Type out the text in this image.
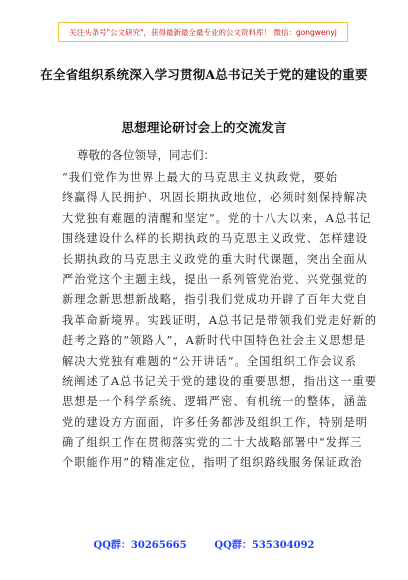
关注头条号"公文研究"，获得最新最全最专业的公文资料库！ 微信：gongwenyj
在全省组织系统深入学习贯彻A总书记关于党的建设的重要
思想理论研讨会上的交流发言
尊敬的各位领导，同志们：
“我们党作为世界上最大的马克思主义执政党，要始
终赢得人民拥护、巩固长期执政地位，必须时刻保持解决
大党独有难题的清醒和坚定”。党的十八大以来，A总书记
围绕建设什么样的长期执政的马克思主义政党、怎样建设
长期执政的马克思主义政党的重大时代课题，突出全面从
严治党这个主题主线，提出一系列管党治党、兴党强党的
新理念新思想新战略，指引我们党成功开辟了百年大党自
我革命新境界。实践证明，A总书记是带领我们党走好新的
赶考之路的“领路人”，A新时代中国特色社会主义思想是
解决大党独有难题的“公开讲话”。全国组织工作会议系
统阐述了A总书记关于党的建设的重要思想，指出这一重要
思想是一个科学系统、逻辑严密、有机统一的整体，涵盖
党的建设方方面面，许多任务都涉及组织工作，特别是明
确了组织工作在贯彻落实党的二十大战略部署中“发挥三
个职能作用”的精准定位，指明了组织路线服务保证政治
QQ群：30265665        QQ群：535304092
